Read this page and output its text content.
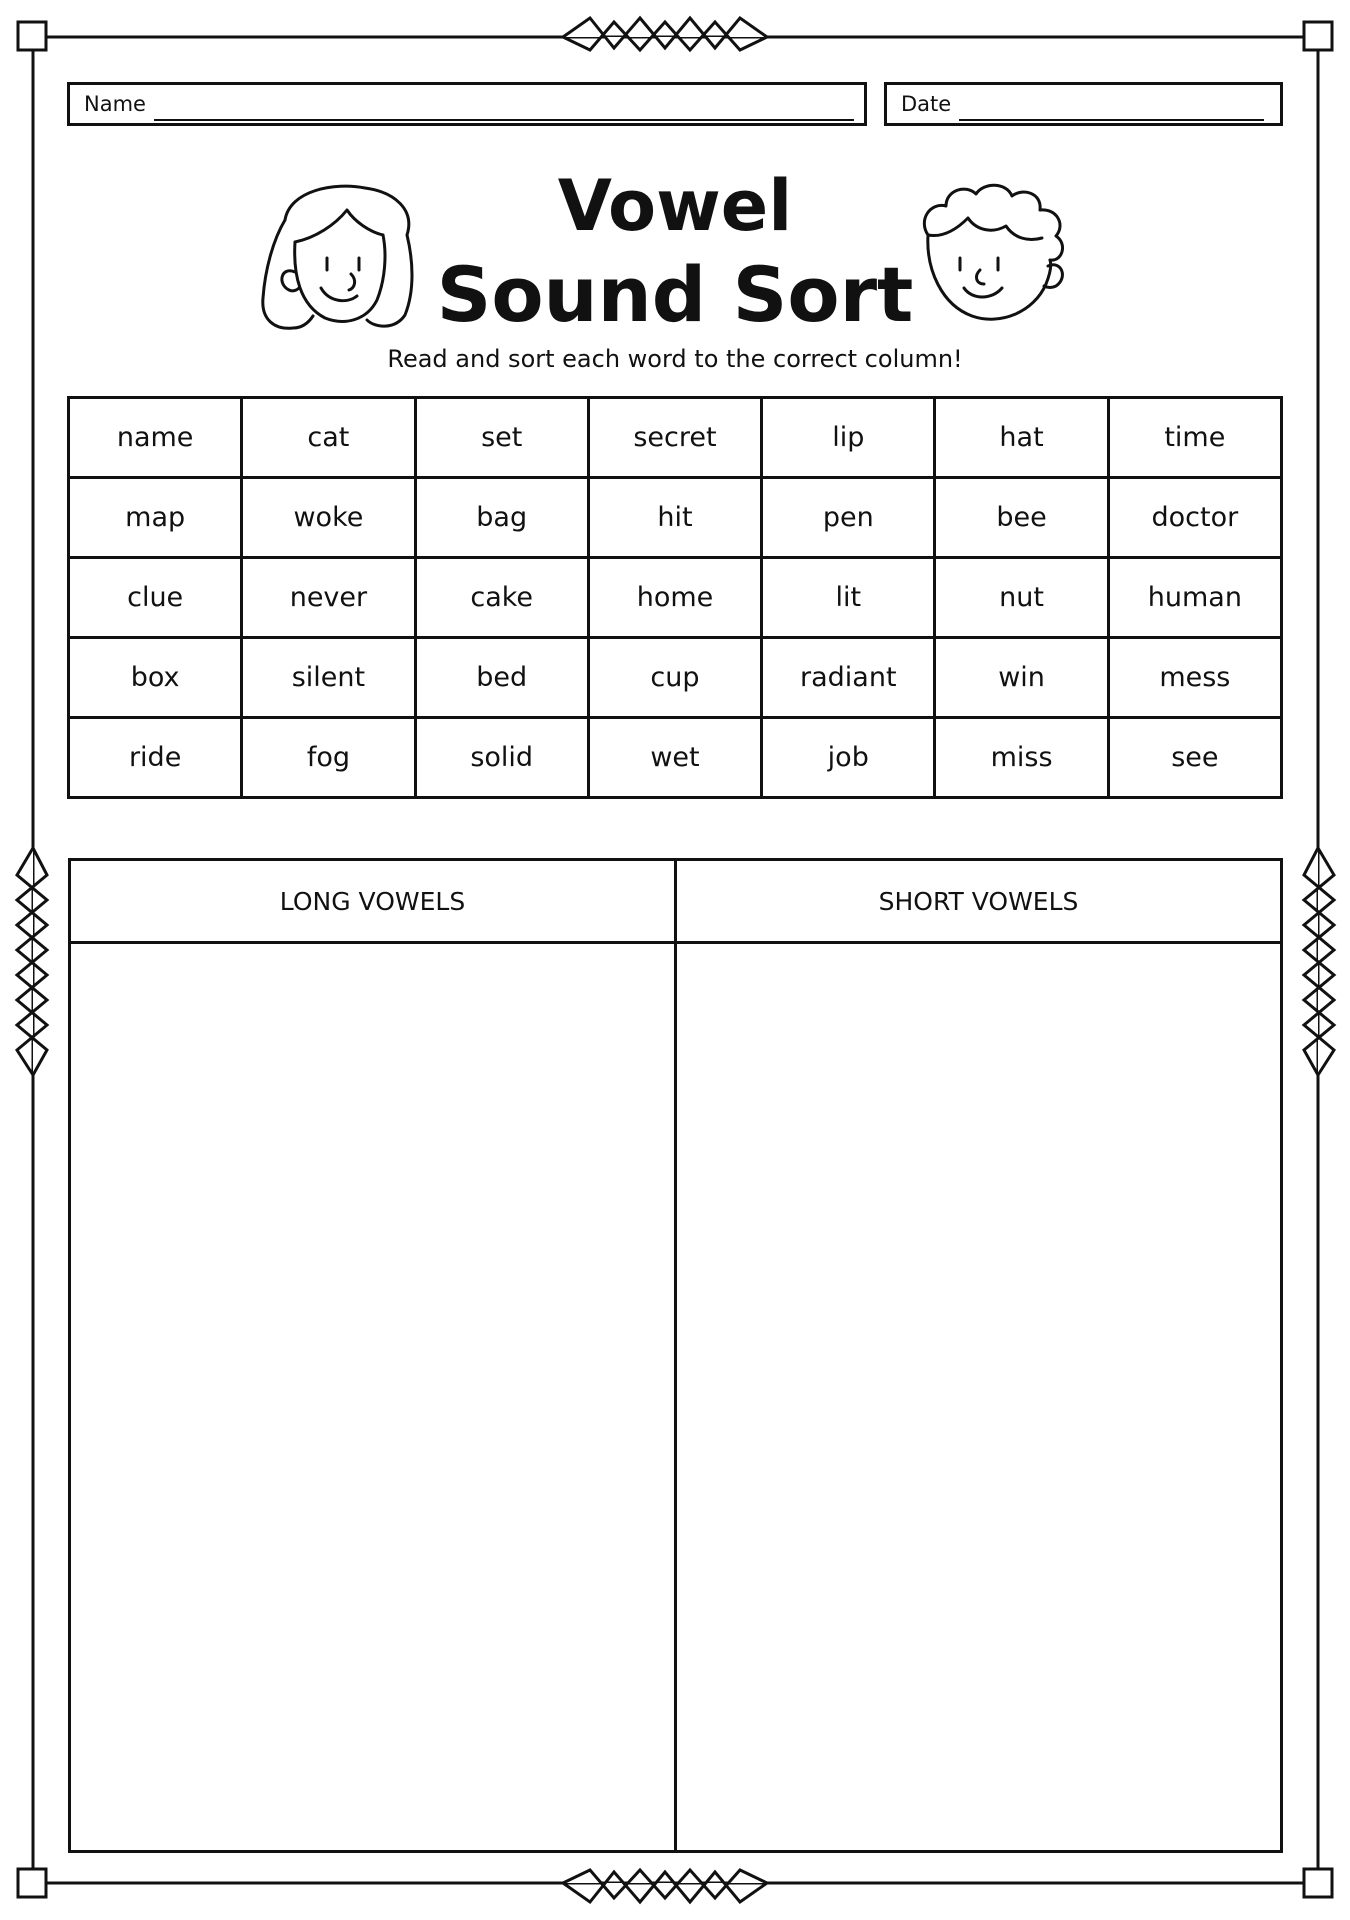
Name	Date
Vowel
Sound Sort
Read and sort each word to the correct column!
name	cat	set	secret	lip	hat	time
map	woke	bag	hit	pen	bee	doctor
clue	never	cake	home	lit	nut	human
box	silent	bed	cup	radiant	win	mess
ride	fog	solid	wet	job	miss	see
LONG VOWELS	SHORT VOWELS
